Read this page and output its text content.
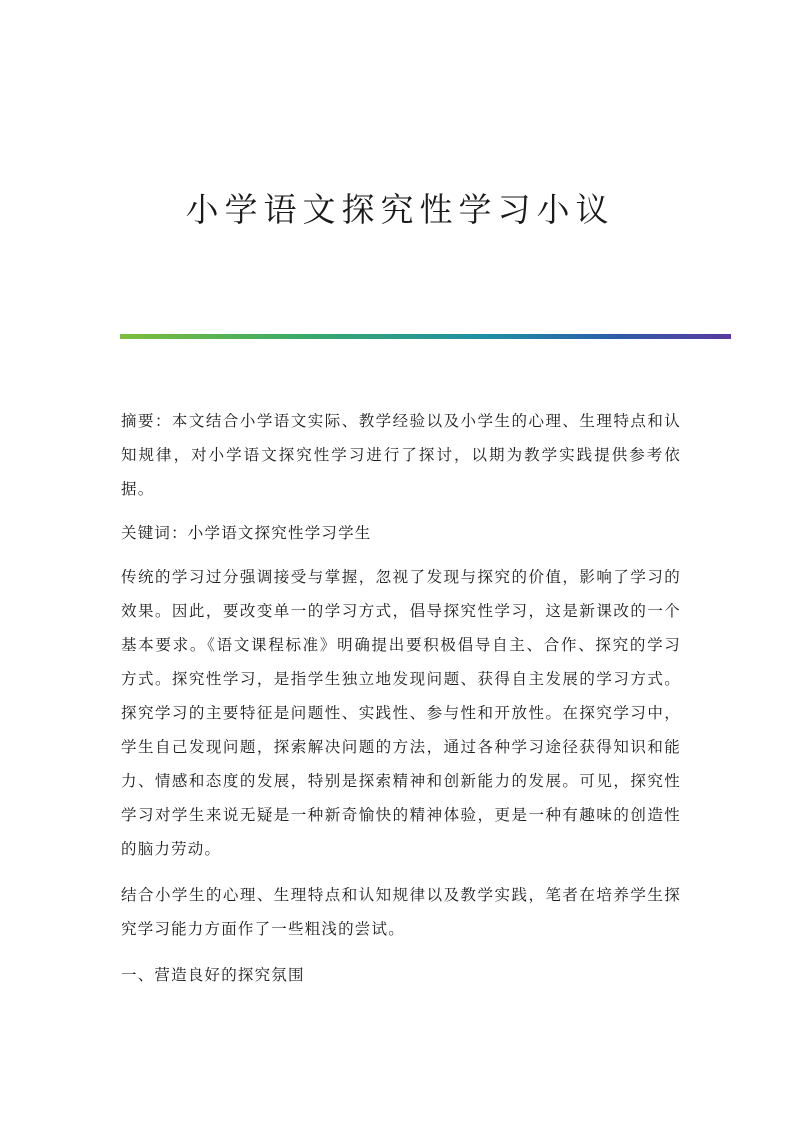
小学语文探究性学习小议

摘要：本文结合小学语文实际、教学经验以及小学生的心理、生理特点和认知规律，对小学语文探究性学习进行了探讨，以期为教学实践提供参考依据。

关键词：小学语文探究性学习学生

传统的学习过分强调接受与掌握，忽视了发现与探究的价值，影响了学习的效果。因此，要改变单一的学习方式，倡导探究性学习，这是新课改的一个基本要求。《语文课程标准》明确提出要积极倡导自主、合作、探究的学习方式。探究性学习，是指学生独立地发现问题、获得自主发展的学习方式。探究学习的主要特征是问题性、实践性、参与性和开放性。在探究学习中，学生自己发现问题，探索解决问题的方法，通过各种学习途径获得知识和能力、情感和态度的发展，特别是探索精神和创新能力的发展。可见，探究性学习对学生来说无疑是一种新奇愉快的精神体验，更是一种有趣味的创造性的脑力劳动。

结合小学生的心理、生理特点和认知规律以及教学实践，笔者在培养学生探究学习能力方面作了一些粗浅的尝试。

一、营造良好的探究氛围
